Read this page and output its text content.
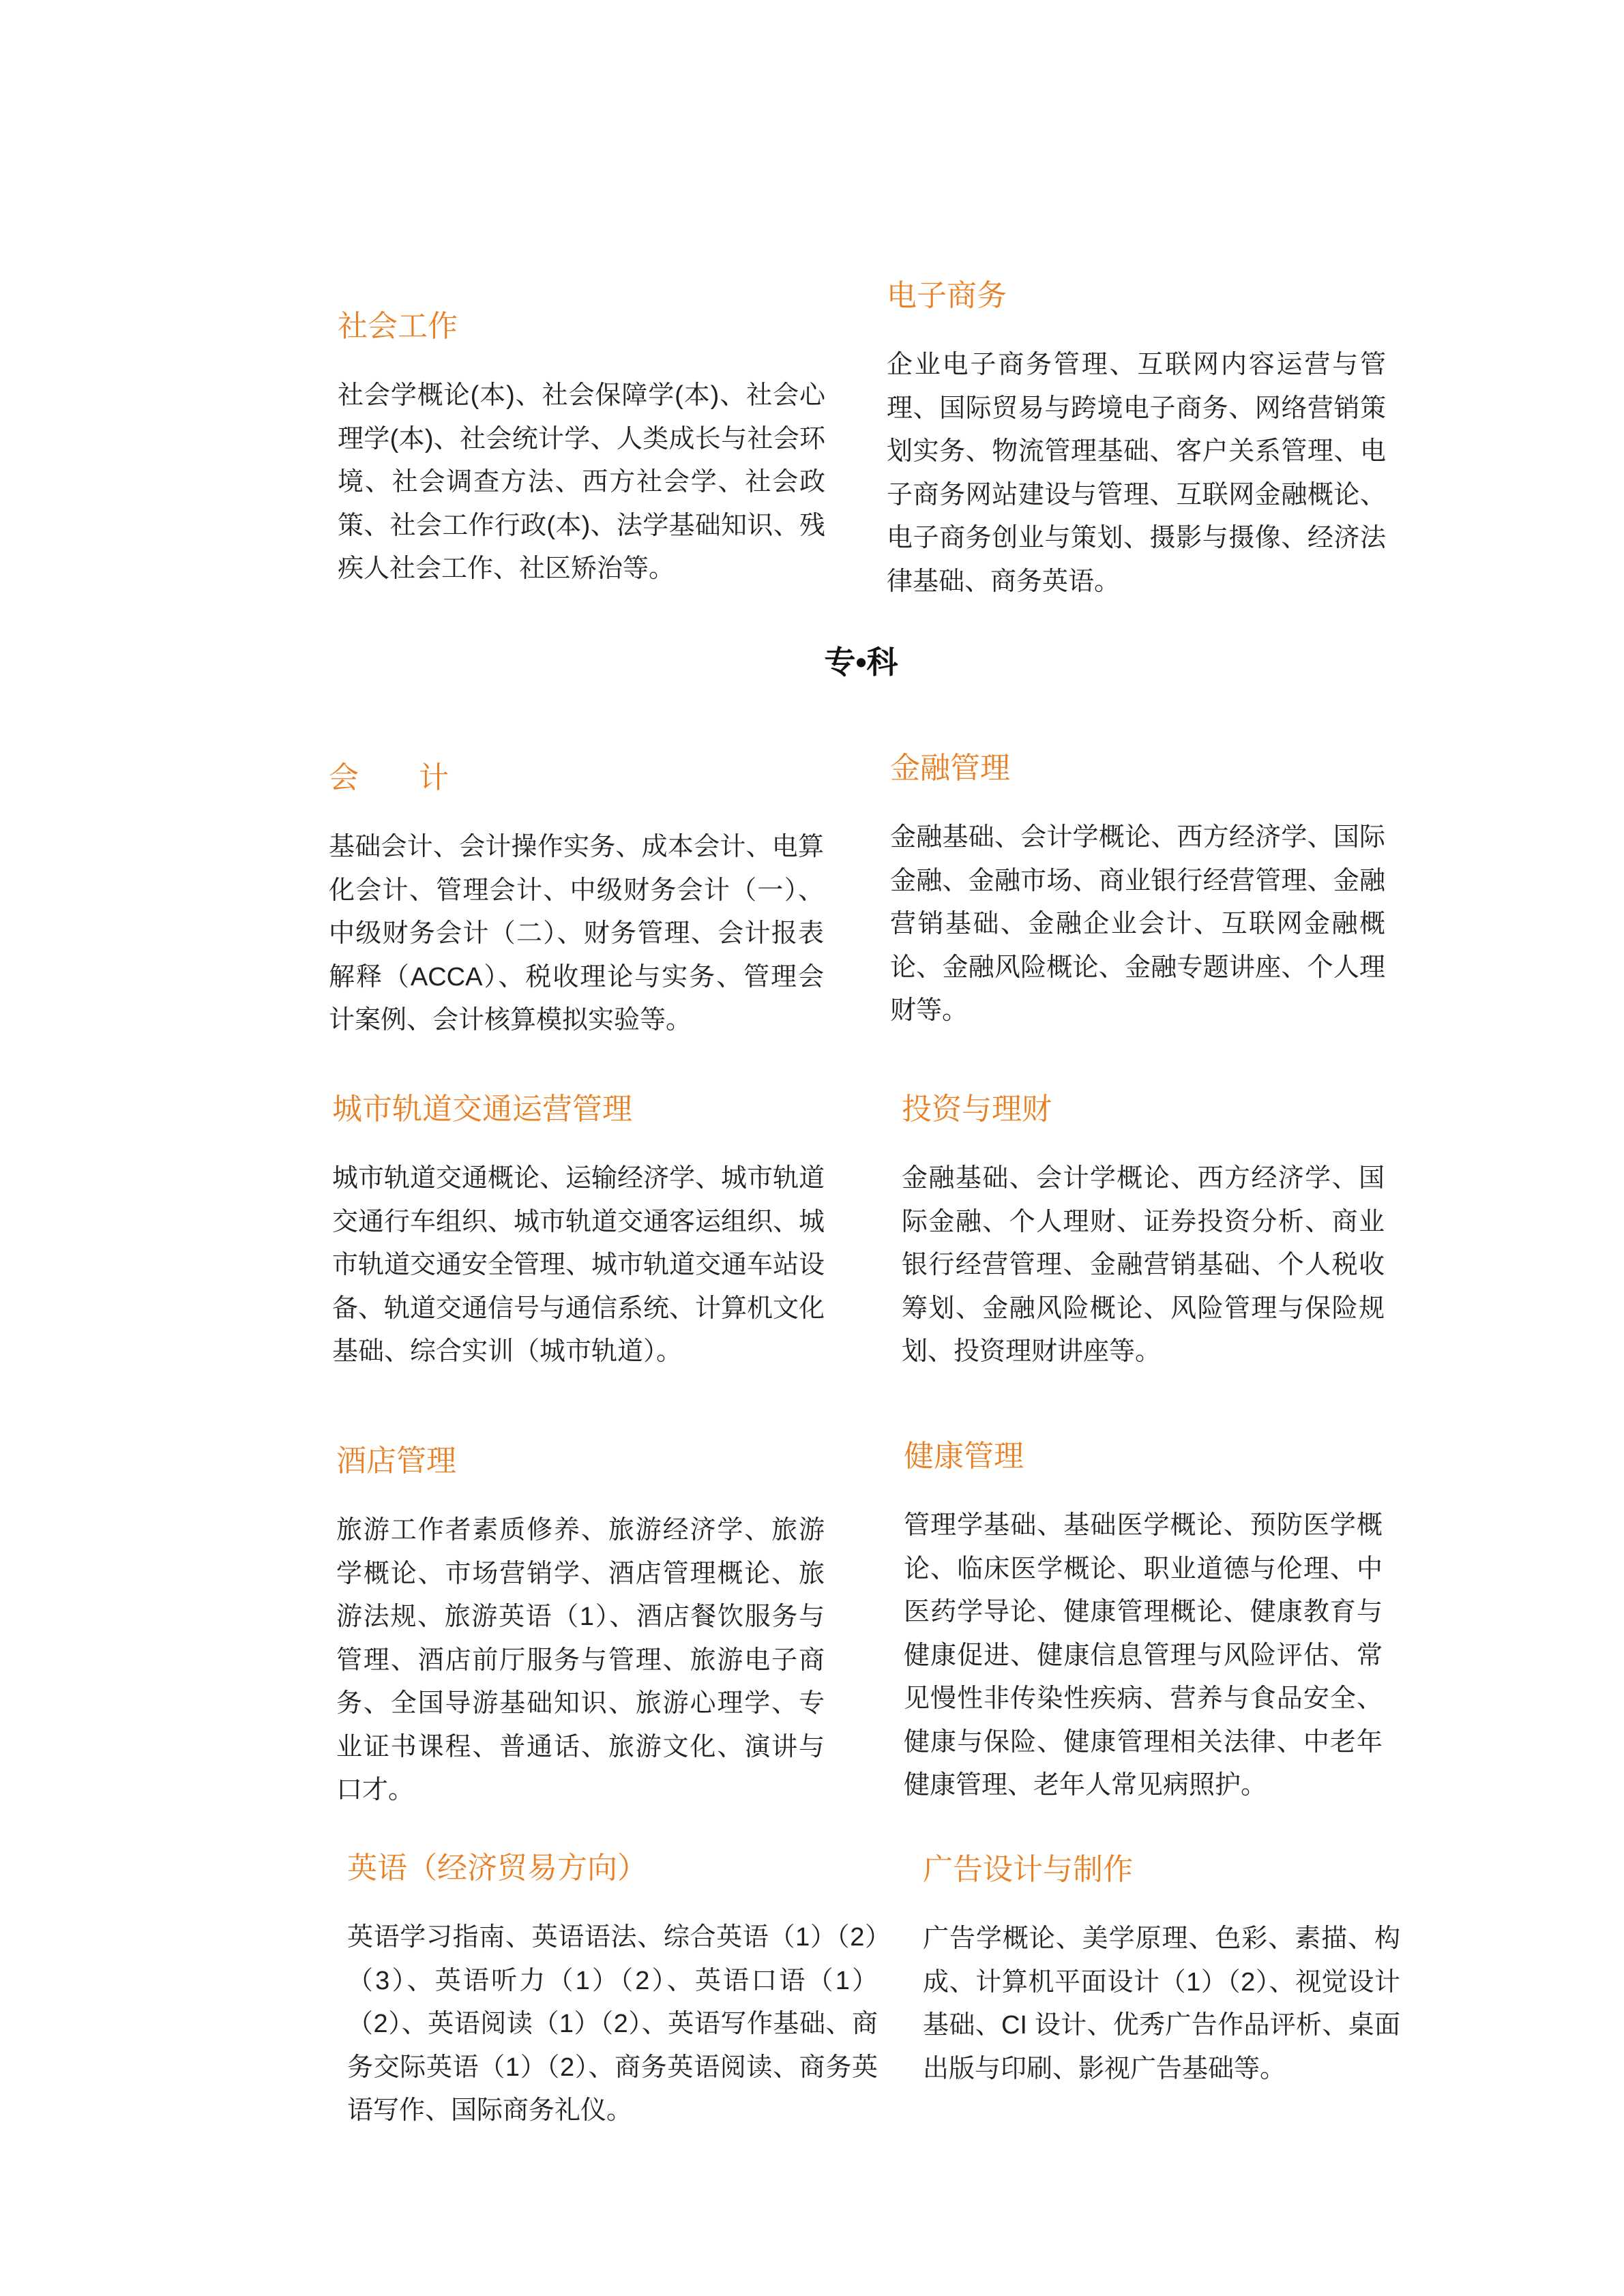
社会工作

社会学概论(本)、社会保障学(本)、社会心理学(本)、社会统计学、人类成长与社会环境、社会调查方法、西方社会学、社会政策、社会工作行政(本)、法学基础知识、残疾人社会工作、社区矫治等。

电子商务

企业电子商务管理、互联网内容运营与管理、国际贸易与跨境电子商务、网络营销策划实务、物流管理基础、客户关系管理、电子商务网站建设与管理、互联网金融概论、电子商务创业与策划、摄影与摄像、经济法律基础、商务英语。

专•科
会　　计

基础会计、会计操作实务、成本会计、电算化会计、管理会计、中级财务会计（一）、中级财务会计（二）、财务管理、会计报表解释（ACCA）、税收理论与实务、管理会计案例、会计核算模拟实验等。

金融管理

金融基础、会计学概论、西方经济学、国际金融、金融市场、商业银行经营管理、金融营销基础、金融企业会计、互联网金融概论、金融风险概论、金融专题讲座、个人理财等。

城市轨道交通运营管理

城市轨道交通概论、运输经济学、城市轨道交通行车组织、城市轨道交通客运组织、城市轨道交通安全管理、城市轨道交通车站设备、轨道交通信号与通信系统、计算机文化基础、综合实训（城市轨道）。

投资与理财

金融基础、会计学概论、西方经济学、国际金融、个人理财、证券投资分析、商业银行经营管理、金融营销基础、个人税收筹划、金融风险概论、风险管理与保险规划、投资理财讲座等。

酒店管理

旅游工作者素质修养、旅游经济学、旅游学概论、市场营销学、酒店管理概论、旅游法规、旅游英语（1）、酒店餐饮服务与管理、酒店前厅服务与管理、旅游电子商务、全国导游基础知识、旅游心理学、专业证书课程、普通话、旅游文化、演讲与口才。

健康管理

管理学基础、基础医学概论、预防医学概论、临床医学概论、职业道德与伦理、中医药学导论、健康管理概论、健康教育与健康促进、健康信息管理与风险评估、常见慢性非传染性疾病、营养与食品安全、健康与保险、健康管理相关法律、中老年健康管理、老年人常见病照护。

英语（经济贸易方向）

英语学习指南、英语语法、综合英语（1）（2）（3）、英语听力（1）（2）、英语口语（1）（2）、英语阅读（1）（2）、英语写作基础、商务交际英语（1）（2）、商务英语阅读、商务英语写作、国际商务礼仪。

广告设计与制作

广告学概论、美学原理、色彩、素描、构成、计算机平面设计（1）（2）、视觉设计基础、CI 设计、优秀广告作品评析、桌面出版与印刷、影视广告基础等。
